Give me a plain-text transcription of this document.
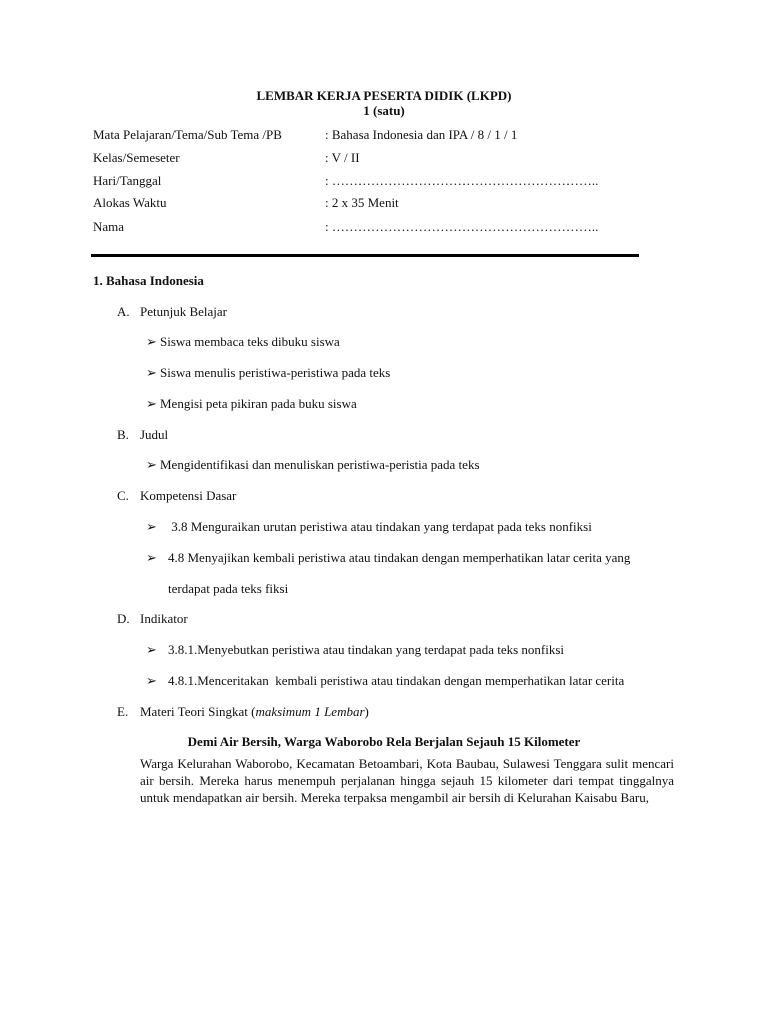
LEMBAR KERJA PESERTA DIDIK (LKPD)
1 (satu)
Mata Pelajaran/Tema/Sub Tema /PB	: Bahasa Indonesia dan IPA / 8 / 1 / 1
Kelas/Semeseter	: V / II
Hari/Tanggal	: ……………………………………………………..
Alokas Waktu	: 2 x 35 Menit
Nama	: ……………………………………………………..
1. Bahasa Indonesia
A. Petunjuk Belajar
➢ Siswa membaca teks dibuku siswa
➢ Siswa menulis peristiwa-peristiwa pada teks
➢ Mengisi peta pikiran pada buku siswa
B. Judul
➢ Mengidentifikasi dan menuliskan peristiwa-peristia pada teks
C. Kompetensi Dasar
➢ 3.8 Menguraikan urutan peristiwa atau tindakan yang terdapat pada teks nonfiksi
➢ 4.8 Menyajikan kembali peristiwa atau tindakan dengan memperhatikan latar cerita yang
terdapat pada teks fiksi
D. Indikator
➢ 3.8.1.Menyebutkan peristiwa atau tindakan yang terdapat pada teks nonfiksi
➢ 4.8.1.Menceritakan  kembali peristiwa atau tindakan dengan memperhatikan latar cerita
E. Materi Teori Singkat (maksimum 1 Lembar)
Demi Air Bersih, Warga Waborobo Rela Berjalan Sejauh 15 Kilometer
Warga Kelurahan Waborobo, Kecamatan Betoambari, Kota Baubau, Sulawesi Tenggara sulit mencari air bersih. Mereka harus menempuh perjalanan hingga sejauh 15 kilometer dari tempat tinggalnya untuk mendapatkan air bersih. Mereka terpaksa mengambil air bersih di Kelurahan Kaisabu Baru,
